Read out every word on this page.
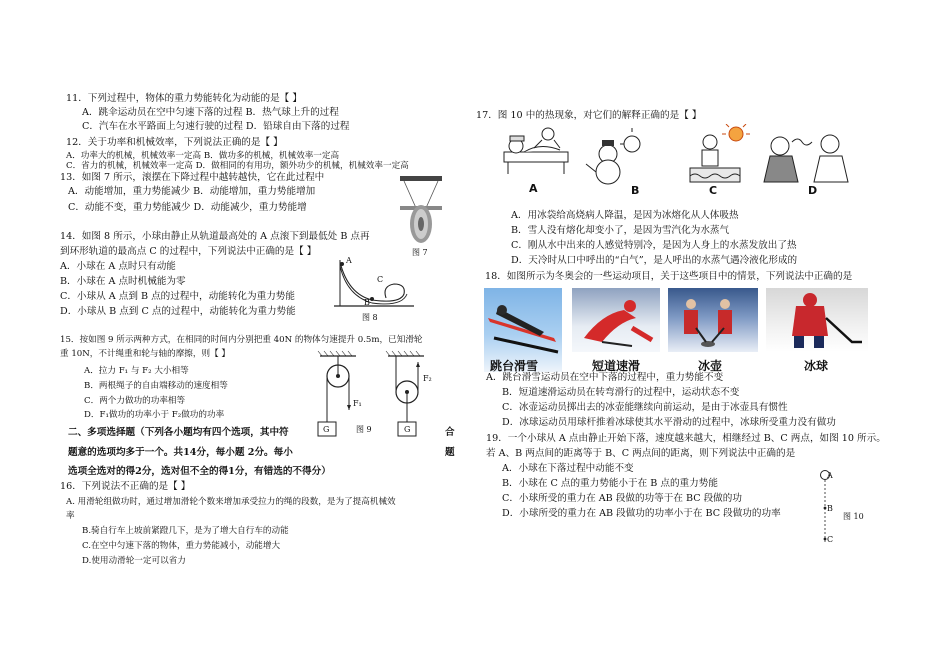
11．下列过程中，物体的重力势能转化为动能的是【 】
A．跳伞运动员在空中匀速下落的过程 B．热气球上升的过程
C．汽车在水平路面上匀速行驶的过程 D．铅球自由下落的过程
12．关于功率和机械效率，下列说法正确的是【 】
A．功率大的机械，机械效率一定高 B．做功多的机械，机械效率一定高
C．省力的机械，机械效率一定高 D．做相同的有用功，额外功少的机械，机械效率一定高
13．如图 7 所示，滚摆在下降过程中越转越快，它在此过程中
A．动能增加，重力势能减少 B．动能增加，重力势能增加
C．动能不变，重力势能减少 D．动能减少，重力势能增
图 7
14．如图 8 所示，小球由静止从轨道最高处的 A 点滚下到最低处 B 点再
到环形轨道的最高点 C 的过程中，下列说法中正确的是【 】
A．小球在 A 点时只有动能
B．小球在 A 点时机械能为零
C．小球从 A 点到 B 点的过程中，动能转化为重力势能
D．小球从 B 点到 C 点的过程中，动能转化为重力势能
A
C
B
图 8
15．按如图 9 所示两种方式，在相同的时间内分别把重 40N 的物体匀速提升 0.5m，已知滑轮
重 10N，不计绳重和轮与轴的摩擦，则【 】
A．拉力 F₁ 与 F₂ 大小相等
B．两根绳子的自由端移动的速度相等
C．两个力做功的功率相等
D．F₁做功的功率小于 F₂做功的功率
F₁
F₂
G	G
图 9
二、多项选择题（下列各小题均有四个选项，其中符	合
题意的选项均多于一个。共14分，每小题 2分。每小	题
选项全选对的得2分，选对但不全的得1分，有错选的不得分）
16．下列说法不正确的是【 】
A. 用滑轮组做功时，通过增加滑轮个数来增加承受拉力的绳的段数，是为了提高机械效
率
B.骑自行车上坡前紧蹬几下，是为了增大自行车的动能
C.在空中匀速下落的物体，重力势能减小，动能增大
D.使用动滑轮一定可以省力
17．图 10 中的热现象，对它们的解释正确的是【 】
A	B	C	D
A．用冰袋给高烧病人降温，是因为冰熔化从人体吸热
B．雪人没有熔化却变小了，是因为雪汽化为水蒸气
C．刚从水中出来的人感觉特别冷，是因为人身上的水蒸发放出了热
D．天冷时从口中呼出的“白气”，是人呼出的水蒸气遇冷液化形成的
18．如图所示为冬奥会的一些运动项目，关于这些项目中的情景，下列说法中正确的是
跳台滑雪	短道速滑	冰壶	冰球
A．跳台滑雪运动员在空中下落的过程中，重力势能不变
B．短道速滑运动员在转弯滑行的过程中，运动状态不变
C．冰壶运动员掷出去的冰壶能继续向前运动，是由于冰壶具有惯性
D．冰球运动员用球杆推着冰球使其水平滑动的过程中，冰球所受重力没有做功
19．一个小球从 A 点由静止开始下落，速度越来越大，相继经过 B、C 两点，如图 10 所示。
若 A、B 两点间的距离等于 B、C 两点间的距离，则下列说法中正确的是
A．小球在下落过程中动能不变
B．小球在 C 点的重力势能小于在 B 点的重力势能
C．小球所受的重力在 AB 段做的功等于在 BC 段做的功
D．小球所受的重力在 AB 段做功的功率小于在 BC 段做功的功率
A
B
C
图 10
